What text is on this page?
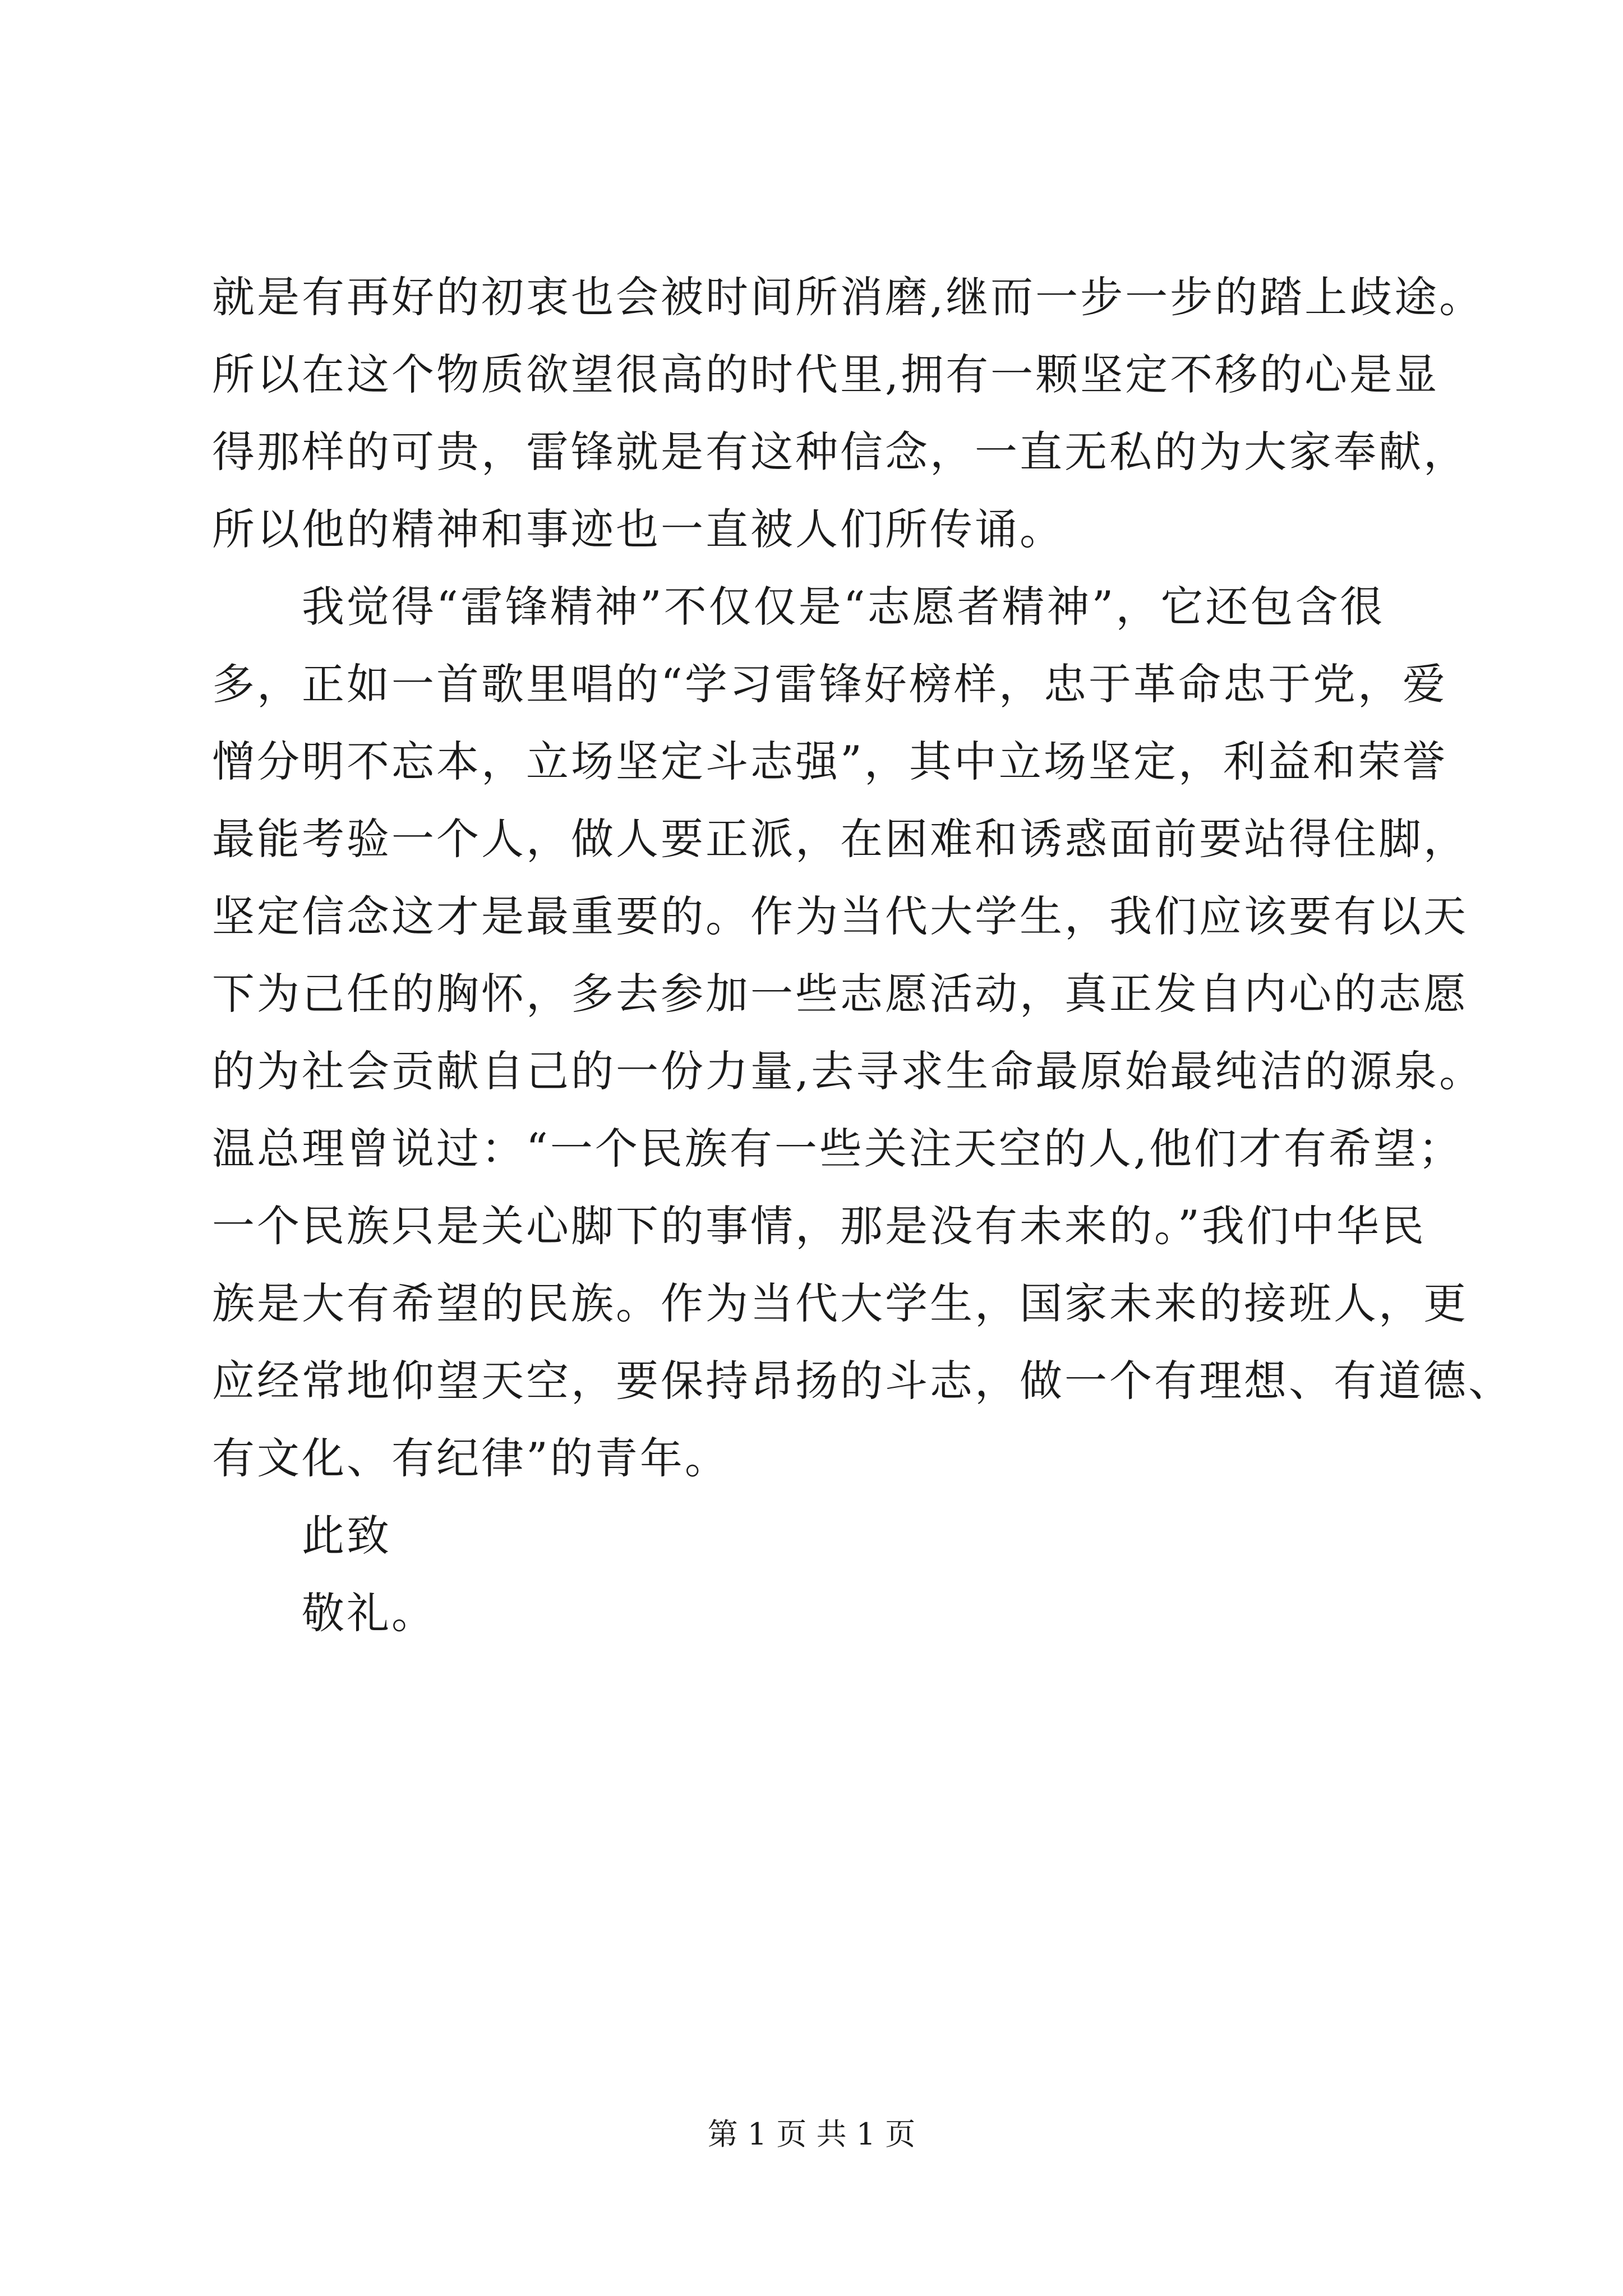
就是有再好的初衷也会被时间所消磨,继而一步一步的踏上歧途。
所以在这个物质欲望很高的时代里,拥有一颗坚定不移的心是显
得那样的可贵，雷锋就是有这种信念，一直无私的为大家奉献，
所以他的精神和事迹也一直被人们所传诵。
我觉得“雷锋精神”不仅仅是“志愿者精神”，它还包含很
多，正如一首歌里唱的“学习雷锋好榜样，忠于革命忠于党，爱
憎分明不忘本，立场坚定斗志强”，其中立场坚定，利益和荣誉
最能考验一个人，做人要正派，在困难和诱惑面前要站得住脚，
坚定信念这才是最重要的。作为当代大学生，我们应该要有以天
下为己任的胸怀，多去参加一些志愿活动，真正发自内心的志愿
的为社会贡献自己的一份力量,去寻求生命最原始最纯洁的源泉。
温总理曾说过：“一个民族有一些关注天空的人,他们才有希望；
一个民族只是关心脚下的事情，那是没有未来的。”我们中华民
族是大有希望的民族。作为当代大学生，国家未来的接班人，更
应经常地仰望天空，要保持昂扬的斗志，做一个有理想、有道德、
有文化、有纪律”的青年。
此致
敬礼。
第 1 页 共 1 页
